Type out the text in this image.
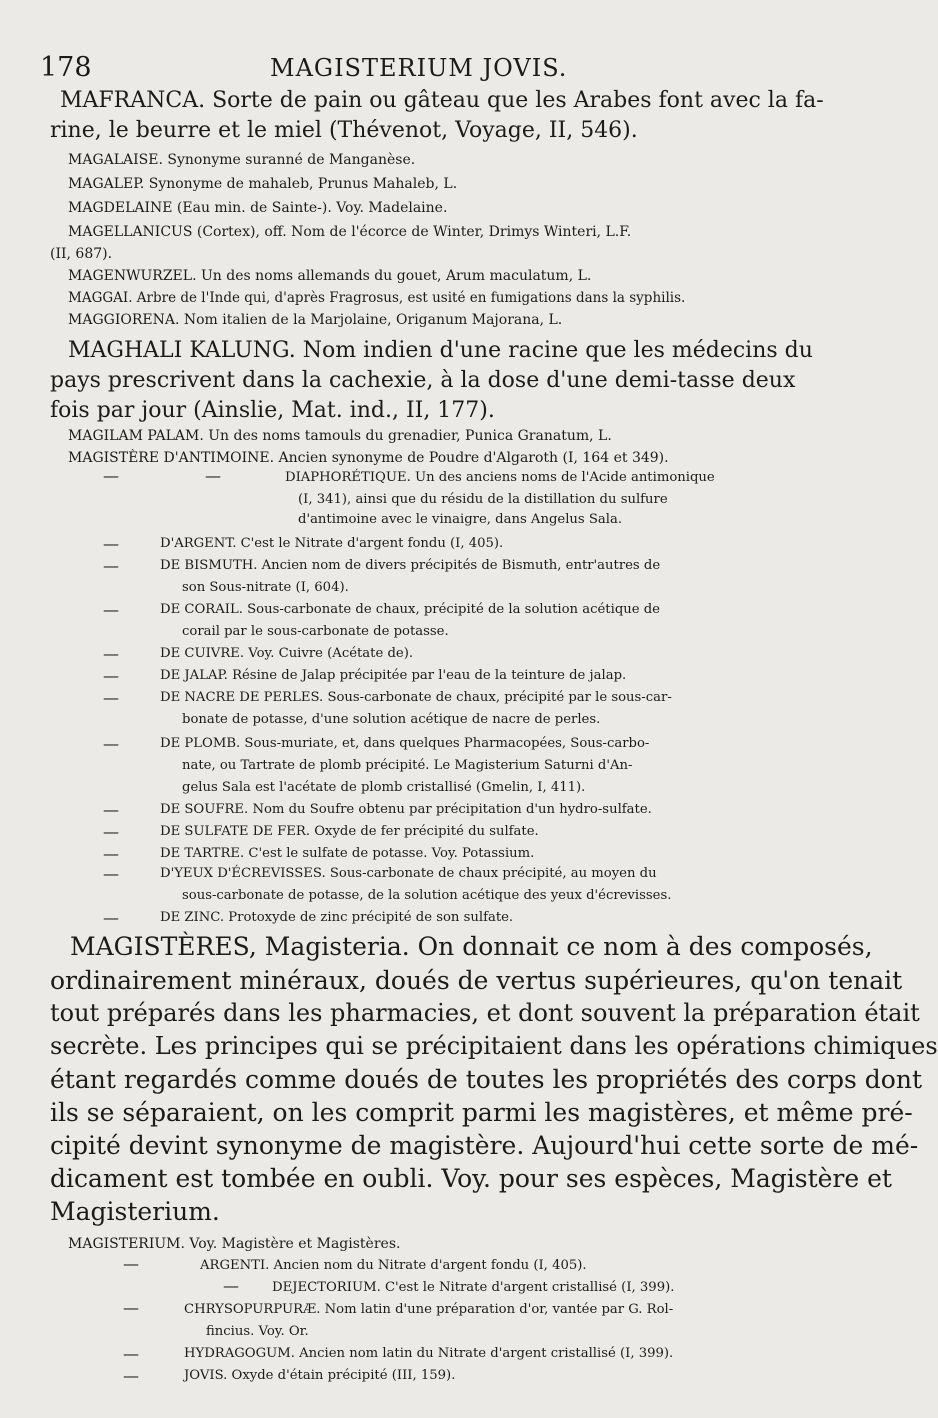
178	MAGISTERIUM JOVIS.
MAFRANCA. Sorte de pain ou gâteau que les Arabes font avec la fa-
rine, le beurre et le miel (Thévenot, Voyage, II, 546).
MAGALAISE. Synonyme suranné de Manganèse.
MAGALEP. Synonyme de mahaleb, Prunus Mahaleb, L.
MAGDELAINE (Eau min. de Sainte-). Voy. Madelaine.
MAGELLANICUS (Cortex), off. Nom de l'écorce de Winter, Drimys Winteri, L.F.
(II, 687).
MAGENWURZEL. Un des noms allemands du gouet, Arum maculatum, L.
MAGGAI. Arbre de l'Inde qui, d'après Fragrosus, est usité en fumigations dans la syphilis.
MAGGIORENA. Nom italien de la Marjolaine, Origanum Majorana, L.
MAGHALI KALUNG. Nom indien d'une racine que les médecins du
pays prescrivent dans la cachexie, à la dose d'une demi-tasse deux
fois par jour (Ainslie, Mat. ind., II, 177).
MAGILAM PALAM. Un des noms tamouls du grenadier, Punica Granatum, L.
MAGISTÈRE D'ANTIMOINE. Ancien synonyme de Poudre d'Algaroth (I, 164 et 349).
—	—	DIAPHORÉTIQUE. Un des anciens noms de l'Acide antimonique
(I, 341), ainsi que du résidu de la distillation du sulfure
d'antimoine avec le vinaigre, dans Angelus Sala.
—	D'ARGENT. C'est le Nitrate d'argent fondu (I, 405).
—	DE BISMUTH. Ancien nom de divers précipités de Bismuth, entr'autres de
son Sous-nitrate (I, 604).
—	DE CORAIL. Sous-carbonate de chaux, précipité de la solution acétique de
corail par le sous-carbonate de potasse.
—	DE CUIVRE. Voy. Cuivre (Acétate de).
—	DE JALAP. Résine de Jalap précipitée par l'eau de la teinture de jalap.
—	DE NACRE DE PERLES. Sous-carbonate de chaux, précipité par le sous-car-
bonate de potasse, d'une solution acétique de nacre de perles.
—	DE PLOMB. Sous-muriate, et, dans quelques Pharmacopées, Sous-carbo-
nate, ou Tartrate de plomb précipité. Le Magisterium Saturni d'An-
gelus Sala est l'acétate de plomb cristallisé (Gmelin, I, 411).
—	DE SOUFRE. Nom du Soufre obtenu par précipitation d'un hydro-sulfate.
—	DE SULFATE DE FER. Oxyde de fer précipité du sulfate.
—	DE TARTRE. C'est le sulfate de potasse. Voy. Potassium.
—	D'YEUX D'ÉCREVISSES. Sous-carbonate de chaux précipité, au moyen du
sous-carbonate de potasse, de la solution acétique des yeux d'écrevisses.
—	DE ZINC. Protoxyde de zinc précipité de son sulfate.
MAGISTÈRES, Magisteria. On donnait ce nom à des composés,
ordinairement minéraux, doués de vertus supérieures, qu'on tenait
tout préparés dans les pharmacies, et dont souvent la préparation était
secrète. Les principes qui se précipitaient dans les opérations chimiques
étant regardés comme doués de toutes les propriétés des corps dont
ils se séparaient, on les comprit parmi les magistères, et même pré-
cipité devint synonyme de magistère. Aujourd'hui cette sorte de mé-
dicament est tombée en oubli. Voy. pour ses espèces, Magistère et
Magisterium.
MAGISTERIUM. Voy. Magistère et Magistères.
—	ARGENTI. Ancien nom du Nitrate d'argent fondu (I, 405).
—	DEJECTORIUM. C'est le Nitrate d'argent cristallisé (I, 399).
—	CHRYSOPURPURÆ. Nom latin d'une préparation d'or, vantée par G. Rol-
fincius. Voy. Or.
—	HYDRAGOGUM. Ancien nom latin du Nitrate d'argent cristallisé (I, 399).
—	JOVIS. Oxyde d'étain précipité (III, 159).
